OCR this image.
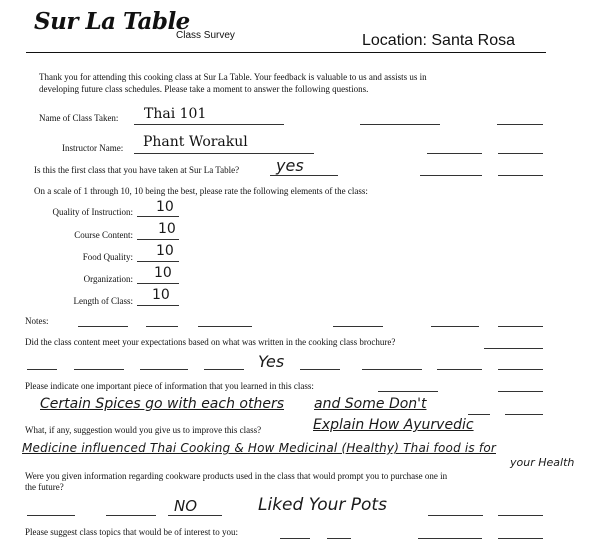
Sur La Table
Class Survey	Location: Santa Rosa
Thank you for attending this cooking class at Sur La Table. Your feedback is valuable to us and assists us in
developing future class schedules. Please take a moment to answer the following questions.
Name of Class Taken: Thai 101
Instructor Name: Phant Worakul
Is this the first class that you have taken at Sur La Table? yes
On a scale of 1 through 10, 10 being the best, please rate the following elements of the class:
Quality of Instruction: 10
Course Content: 10
Food Quality: 10
Organization: 10
Length of Class: 10
Notes:
Did the class content meet your expectations based on what was written in the cooking class brochure?
Yes
Please indicate one important piece of information that you learned in this class:
Certain Spices go with each others and Some Don't
What, if any, suggestion would you give us to improve this class?	Explain How Ayurvedic
Medicine influenced Thai Cooking & How Medicinal (Healthy) Thai food is for
your Health
Were you given information regarding cookware products used in the class that would prompt you to purchase one in
the future?
NO	Liked Your Pots
Please suggest class topics that would be of interest to you:
